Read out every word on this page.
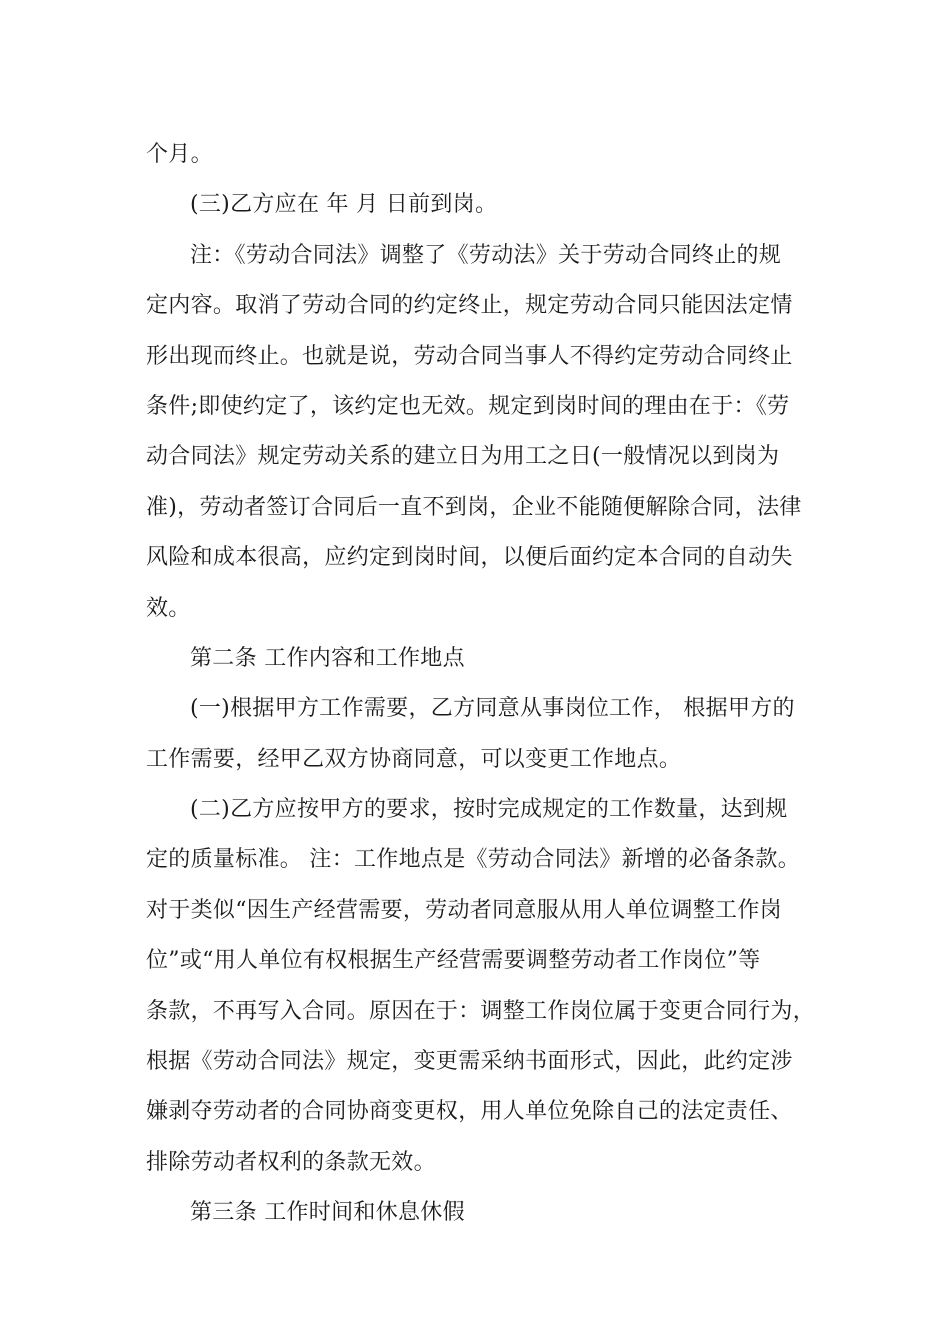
个月。
(三)乙方应在 年 月 日前到岗。
注：《劳动合同法》调整了《劳动法》关于劳动合同终止的规
定内容。取消了劳动合同的约定终止，规定劳动合同只能因法定情
形出现而终止。也就是说，劳动合同当事人不得约定劳动合同终止
条件;即使约定了，该约定也无效。规定到岗时间的理由在于：《劳
动合同法》规定劳动关系的建立日为用工之日(一般情况以到岗为
准)，劳动者签订合同后一直不到岗，企业不能随便解除合同，法律
风险和成本很高，应约定到岗时间，以便后面约定本合同的自动失
效。
第二条 工作内容和工作地点
(一)根据甲方工作需要，乙方同意从事岗位工作， 根据甲方的
工作需要，经甲乙双方协商同意，可以变更工作地点。
(二)乙方应按甲方的要求，按时完成规定的工作数量，达到规
定的质量标准。 注：工作地点是《劳动合同法》新增的必备条款。
对于类似“因生产经营需要，劳动者同意服从用人单位调整工作岗
位”或“用人单位有权根据生产经营需要调整劳动者工作岗位”等
条款，不再写入合同。原因在于：调整工作岗位属于变更合同行为，
根据《劳动合同法》规定，变更需采纳书面形式，因此，此约定涉
嫌剥夺劳动者的合同协商变更权，用人单位免除自己的法定责任、
排除劳动者权利的条款无效。
第三条 工作时间和休息休假
